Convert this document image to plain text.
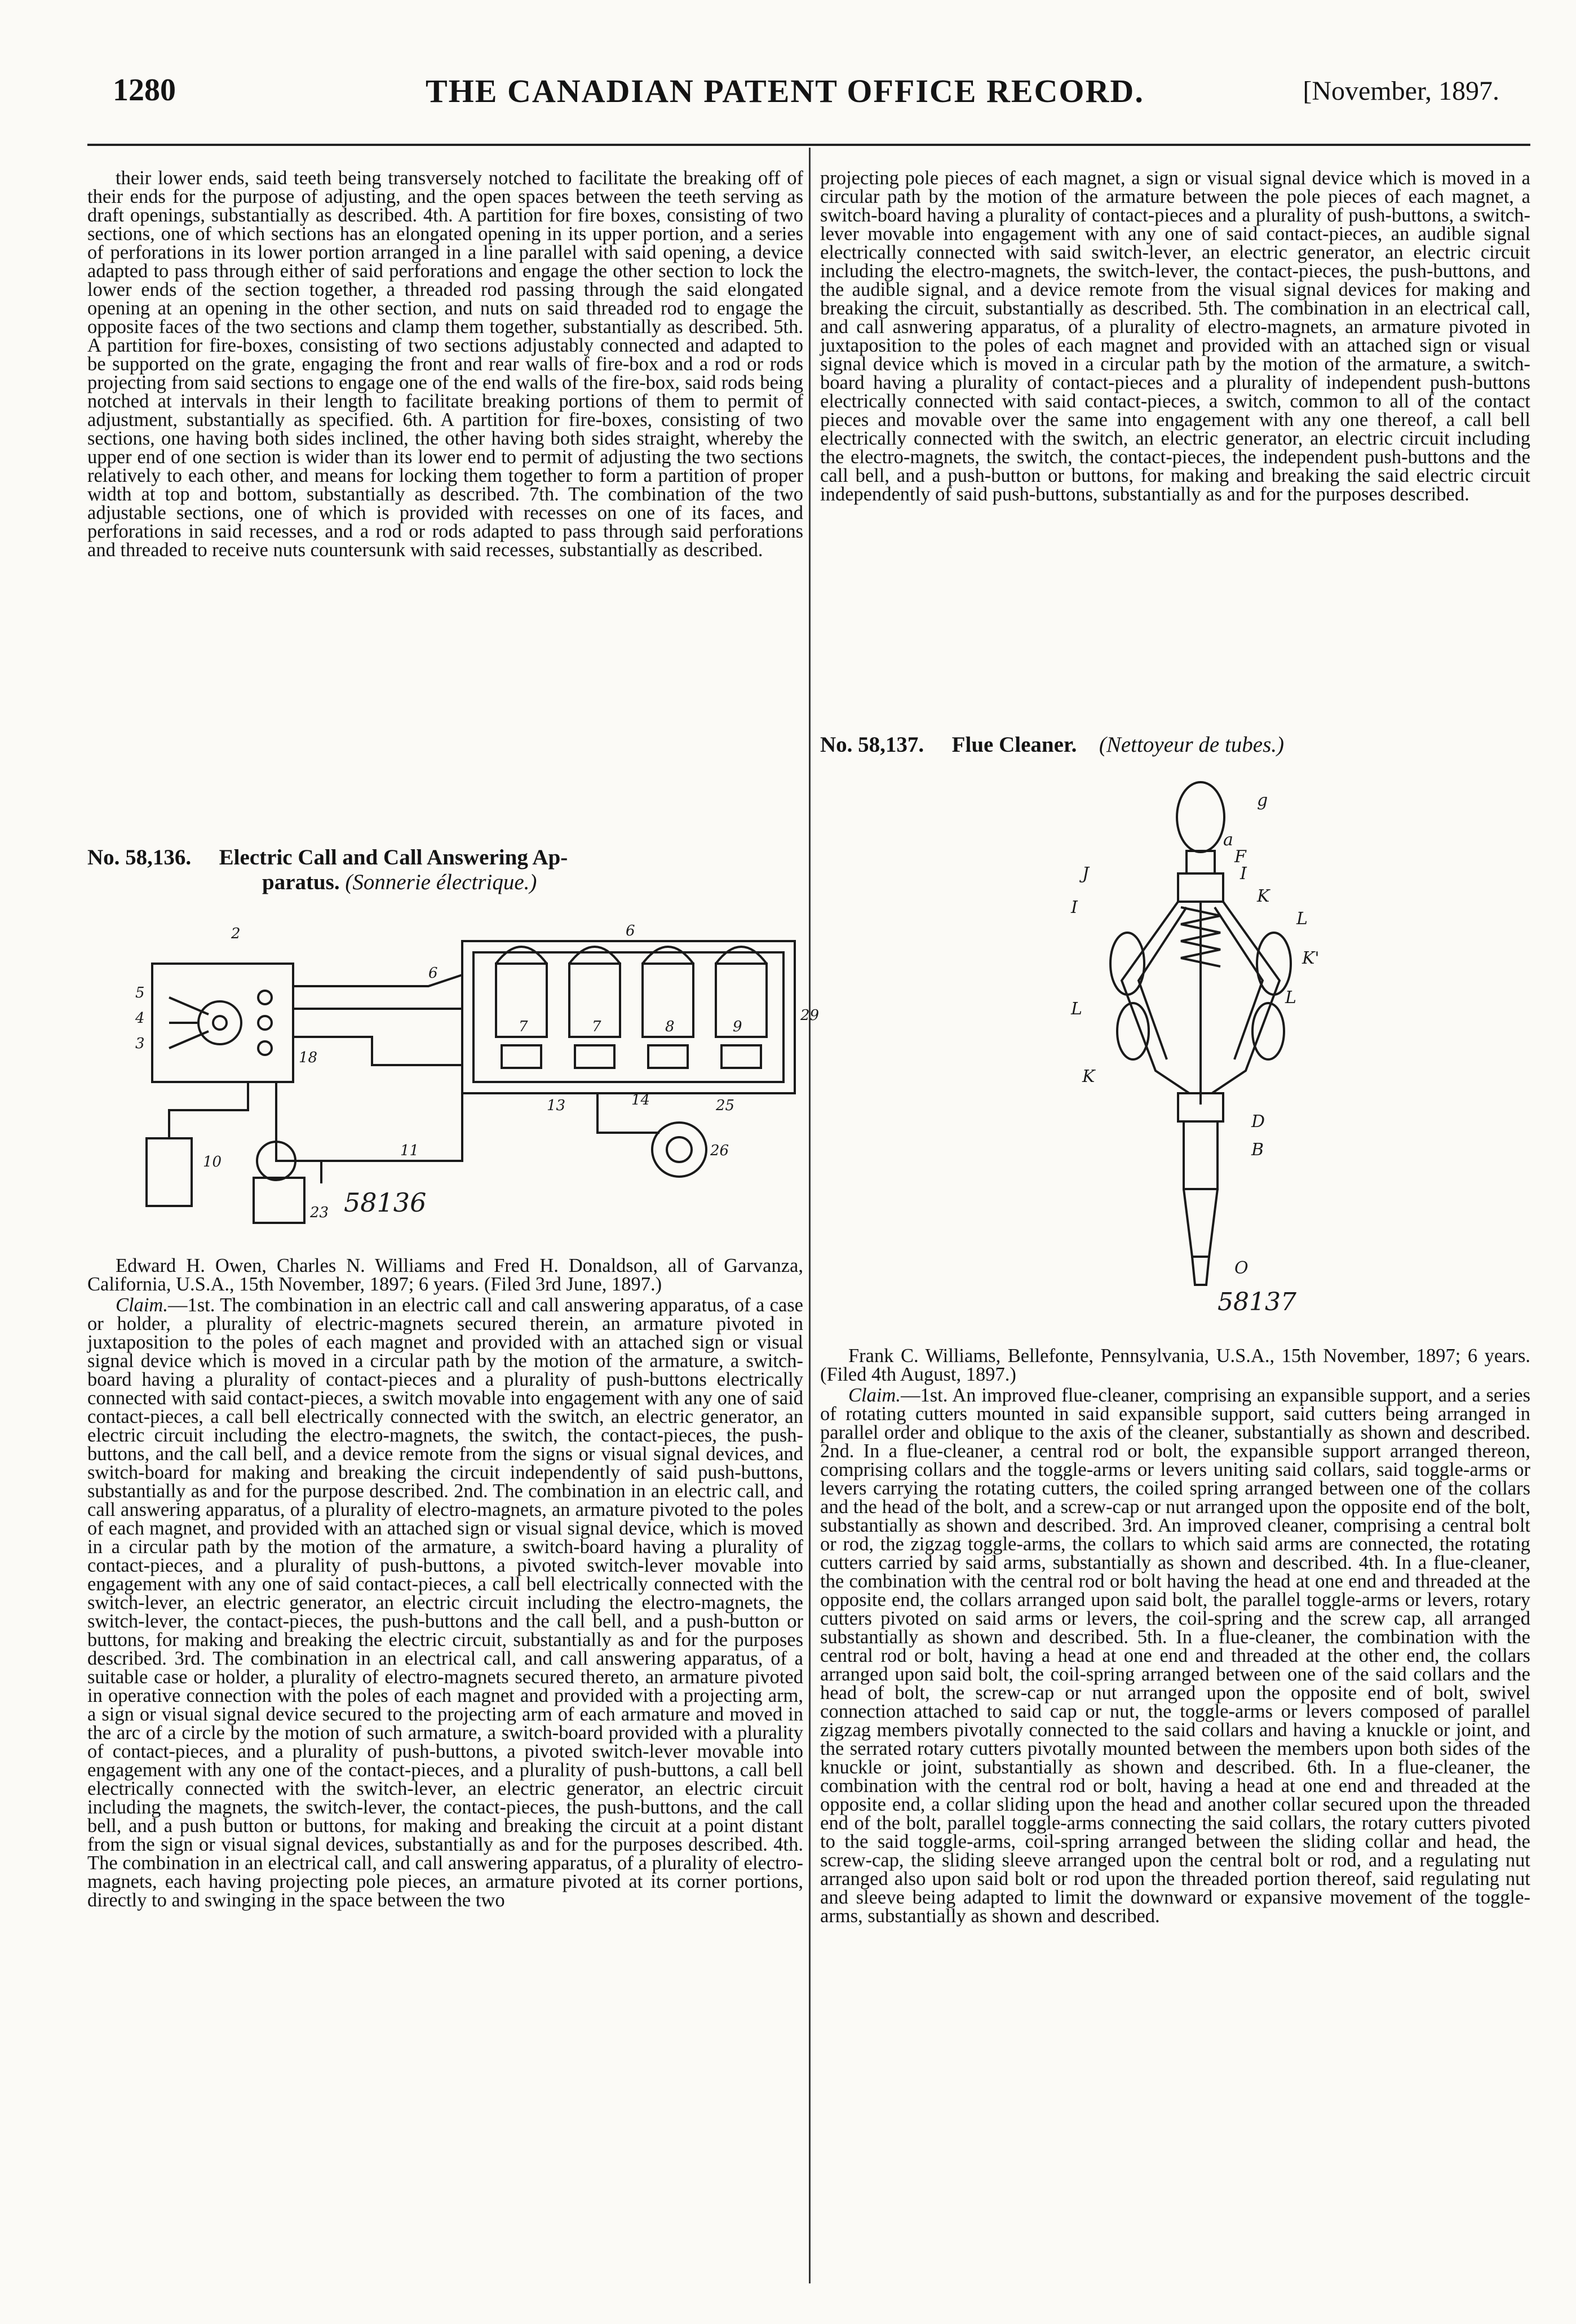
1280	THE CANADIAN PATENT OFFICE RECORD.	[November, 1897.

their lower ends, said teeth being transversely notched to facilitate the breaking off of their ends for the purpose of adjusting, and the open spaces between the teeth serving as draft openings, substantially as described. 4th. A partition for fire boxes, consisting of two sections, one of which sections has an elongated opening in its upper portion, and a series of perforations in its lower portion arranged in a line parallel with said opening, a device adapted to pass through either of said perforations and engage the other section to lock the lower ends of the section together, a threaded rod passing through the said elongated opening at an opening in the other section, and nuts on said threaded rod to engage the opposite faces of the two sections and clamp them together, substantially as described. 5th. A partition for fire-boxes, consisting of two sections adjustably connected and adapted to be supported on the grate, engaging the front and rear walls of fire-box and a rod or rods projecting from said sections to engage one of the end walls of the fire-box, said rods being notched at intervals in their length to facilitate breaking portions of them to permit of adjustment, substantially as specified. 6th. A partition for fire-boxes, consisting of two sections, one having both sides inclined, the other having both sides straight, whereby the upper end of one section is wider than its lower end to permit of adjusting the two sections relatively to each other, and means for locking them together to form a partition of proper width at top and bottom, substantially as described. 7th. The combination of the two adjustable sections, one of which is provided with recesses on one of its faces, and perforations in said recesses, and a rod or rods adapted to pass through said perforations and threaded to receive nuts countersunk with said recesses, substantially as described.

No. 58,136. Electric Call and Call Answering Ap-
paratus. (Sonnerie électrique.)
2	6
5
4
3
6
7	7	8	9
29
18
10
11
13	14	25
26
23 58136

Edward H. Owen, Charles N. Williams and Fred H. Donaldson, all of Garvanza, California, U.S.A., 15th November, 1897; 6 years. (Filed 3rd June, 1897.)

Claim.—1st. The combination in an electric call and call answering apparatus, of a case or holder, a plurality of electric-magnets secured therein, an armature pivoted in juxtaposition to the poles of each magnet and provided with an attached sign or visual signal device which is moved in a circular path by the motion of the armature, a switch-board having a plurality of contact-pieces and a plurality of push-buttons electrically connected with said contact-pieces, a switch movable into engagement with any one of said contact-pieces, a call bell electrically connected with the switch, an electric generator, an electric circuit including the electro-magnets, the switch, the contact-pieces, the push-buttons, and the call bell, and a device remote from the signs or visual signal devices, and switch-board for making and breaking the circuit independently of said push-buttons, substantially as and for the purpose described. 2nd. The combination in an electric call, and call answering apparatus, of a plurality of electro-magnets, an armature pivoted to the poles of each magnet, and provided with an attached sign or visual signal device, which is moved in a circular path by the motion of the armature, a switch-board having a plurality of contact-pieces, and a plurality of push-buttons, a pivoted switch-lever movable into engagement with any one of said contact-pieces, a call bell electrically connected with the switch-lever, an electric generator, an electric circuit including the electro-magnets, the switch-lever, the contact-pieces, the push-buttons and the call bell, and a push-button or buttons, for making and breaking the electric circuit, substantially as and for the purposes described. 3rd. The combination in an electrical call, and call answering apparatus, of a suitable case or holder, a plurality of electro-magnets secured thereto, an armature pivoted in operative connection with the poles of each magnet and provided with a projecting arm, a sign or visual signal device secured to the projecting arm of each armature and moved in the arc of a circle by the motion of such armature, a switch-board provided with a plurality of contact-pieces, and a plurality of push-buttons, a pivoted switch-lever movable into engagement with any one of the contact-pieces, and a plurality of push-buttons, a call bell electrically connected with the switch-lever, an electric generator, an electric circuit including the magnets, the switch-lever, the contact-pieces, the push-buttons, and the call bell, and a push button or buttons, for making and breaking the circuit at a point distant from the sign or visual signal devices, substantially as and for the purposes described. 4th. The combination in an electrical call, and call answering apparatus, of a plurality of electro-magnets, each having projecting pole pieces, an armature pivoted at its corner portions, directly to and swinging in the space between the two

projecting pole pieces of each magnet, a sign or visual signal device which is moved in a circular path by the motion of the armature between the pole pieces of each magnet, a switch-board having a plurality of contact-pieces and a plurality of push-buttons, a switch-lever movable into engagement with any one of said contact-pieces, an audible signal electrically connected with said switch-lever, an electric generator, an electric circuit including the electro-magnets, the switch-lever, the contact-pieces, the push-buttons, and the audible signal, and a device remote from the visual signal devices for making and breaking the circuit, substantially as described. 5th. The combination in an electrical call, and call asnwering apparatus, of a plurality of electro-magnets, an armature pivoted in juxtaposition to the poles of each magnet and provided with an attached sign or visual signal device which is moved in a circular path by the motion of the armature, a switch-board having a plurality of contact-pieces and a plurality of independent push-buttons electrically connected with said contact-pieces, a switch, common to all of the contact pieces and movable over the same into engagement with any one thereof, a call bell electrically connected with the switch, an electric generator, an electric circuit including the electro-magnets, the switch, the contact-pieces, the independent push-buttons and the call bell, and a push-button or buttons, for making and breaking the said electric circuit independently of said push-buttons, substantially as and for the purposes described.

No. 58,137. Flue Cleaner. (Nettoyeur de tubes.)
g
a
F
I
K
L
J
I
K'
L
L
K
D
B
O
58137

Frank C. Williams, Bellefonte, Pennsylvania, U.S.A., 15th November, 1897; 6 years. (Filed 4th August, 1897.)

Claim.—1st. An improved flue-cleaner, comprising an expansible support, and a series of rotating cutters mounted in said expansible support, said cutters being arranged in parallel order and oblique to the axis of the cleaner, substantially as shown and described. 2nd. In a flue-cleaner, a central rod or bolt, the expansible support arranged thereon, comprising collars and the toggle-arms or levers uniting said collars, said toggle-arms or levers carrying the rotating cutters, the coiled spring arranged between one of the collars and the head of the bolt, and a screw-cap or nut arranged upon the opposite end of the bolt, substantially as shown and described. 3rd. An improved cleaner, comprising a central bolt or rod, the zigzag toggle-arms, the collars to which said arms are connected, the rotating cutters carried by said arms, substantially as shown and described. 4th. In a flue-cleaner, the combination with the central rod or bolt having the head at one end and threaded at the opposite end, the collars arranged upon said bolt, the parallel toggle-arms or levers, rotary cutters pivoted on said arms or levers, the coil-spring and the screw cap, all arranged substantially as shown and described. 5th. In a flue-cleaner, the combination with the central rod or bolt, having a head at one end and threaded at the other end, the collars arranged upon said bolt, the coil-spring arranged between one of the said collars and the head of bolt, the screw-cap or nut arranged upon the opposite end of bolt, swivel connection attached to said cap or nut, the toggle-arms or levers composed of parallel zigzag members pivotally connected to the said collars and having a knuckle or joint, and the serrated rotary cutters pivotally mounted between the members upon both sides of the knuckle or joint, substantially as shown and described. 6th. In a flue-cleaner, the combination with the central rod or bolt, having a head at one end and threaded at the opposite end, a collar sliding upon the head and another collar secured upon the threaded end of the bolt, parallel toggle-arms connecting the said collars, the rotary cutters pivoted to the said toggle-arms, coil-spring arranged between the sliding collar and head, the screw-cap, the sliding sleeve arranged upon the central bolt or rod, and a regulating nut arranged also upon said bolt or rod upon the threaded portion thereof, said regulating nut and sleeve being adapted to limit the downward or expansive movement of the toggle-arms, substantially as shown and described.
